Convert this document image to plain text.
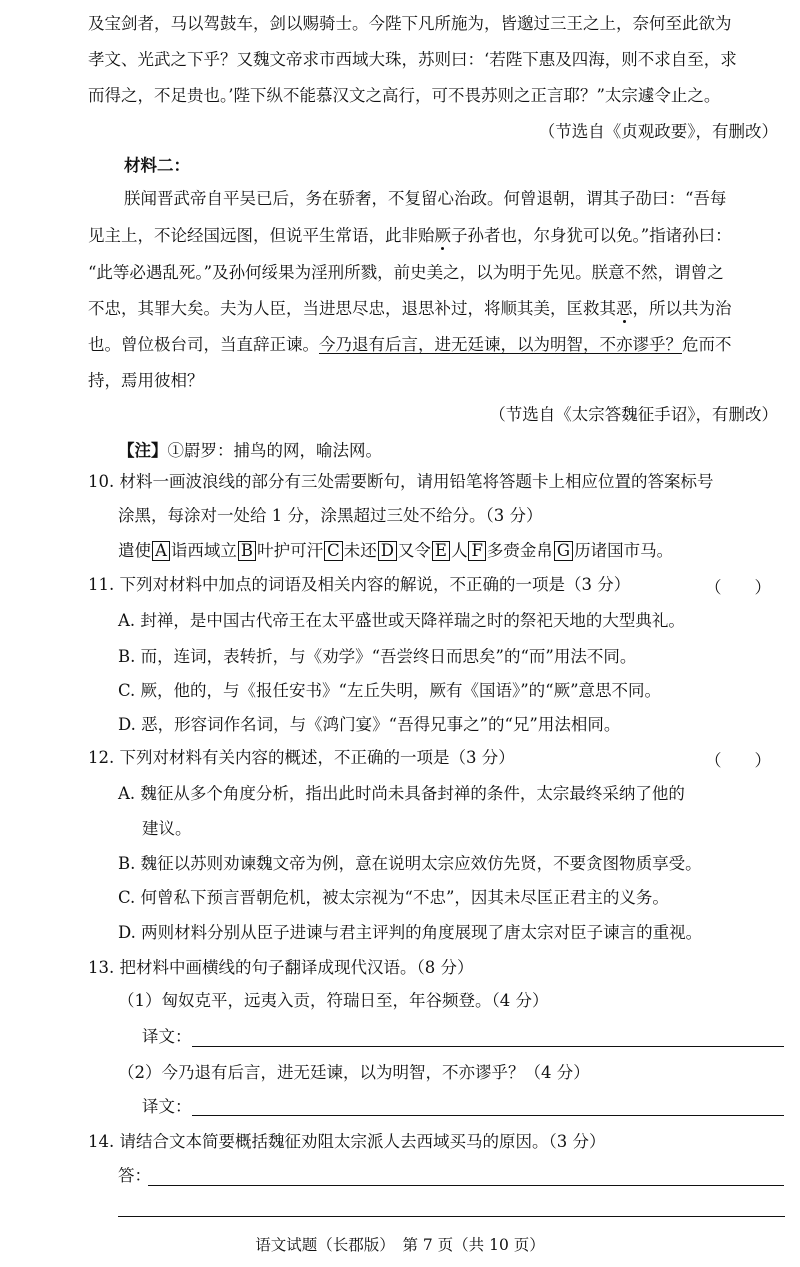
及宝剑者，马以驾鼓车，剑以赐骑士。今陛下凡所施为，皆邈过三王之上，奈何至此欲为
孝文、光武之下乎？又魏文帝求市西域大珠，苏则曰：‘若陛下惠及四海，则不求自至，求
而得之，不足贵也。’陛下纵不能慕汉文之高行，可不畏苏则之正言耶？”太宗遽令止之。
（节选自《贞观政要》，有删改）
材料二：
朕闻晋武帝自平吴已后，务在骄奢，不复留心治政。何曾退朝，谓其子劭曰：“吾每
见主上，不论经国远图，但说平生常语，此非贻厥子孙者也，尔身犹可以免。”指诸孙曰：
“此等必遇乱死。”及孙何绥果为淫刑所戮，前史美之，以为明于先见。朕意不然，谓曾之
不忠，其罪大矣。夫为人臣，当进思尽忠，退思补过，将顺其美，匡救其恶，所以共为治
也。曾位极台司，当直辞正谏。今乃退有后言，进无廷谏，以为明智，不亦谬乎？危而不
持，焉用彼相？
（节选自《太宗答魏征手诏》，有删改）
【注】①罻罗：捕鸟的网，喻法网。
10. 材料一画波浪线的部分有三处需要断句，请用铅笔将答题卡上相应位置的答案标号
涂黑，每涂对一处给 1 分，涂黑超过三处不给分。（3 分）
遣使 A 诣西域立 B 叶护可汗 C 未还 D 又令 E 人 F 多赍金帛 G 历诸国市马。
11. 下列对材料中加点的词语及相关内容的解说，不正确的一项是（3 分）	（　　）
A. 封禅，是中国古代帝王在太平盛世或天降祥瑞之时的祭祀天地的大型典礼。
B. 而，连词，表转折，与《劝学》“吾尝终日而思矣”的“而”用法不同。
C. 厥，他的，与《报任安书》“左丘失明，厥有《国语》”的“厥”意思不同。
D. 恶，形容词作名词，与《鸿门宴》“吾得兄事之”的“兄”用法相同。
12. 下列对材料有关内容的概述，不正确的一项是（3 分）	（　　）
A. 魏征从多个角度分析，指出此时尚未具备封禅的条件，太宗最终采纳了他的
建议。
B. 魏征以苏则劝谏魏文帝为例，意在说明太宗应效仿先贤，不要贪图物质享受。
C. 何曾私下预言晋朝危机，被太宗视为“不忠”，因其未尽匡正君主的义务。
D. 两则材料分别从臣子进谏与君主评判的角度展现了唐太宗对臣子谏言的重视。
13. 把材料中画横线的句子翻译成现代汉语。（8 分）
（1）匈奴克平，远夷入贡，符瑞日至，年谷频登。（4 分）
译文：
（2）今乃退有后言，进无廷谏，以为明智，不亦谬乎？（4 分）
译文：
14. 请结合文本简要概括魏征劝阻太宗派人去西域买马的原因。（3 分）
答：
语文试题（长郡版）　第 7 页（共 10 页）
